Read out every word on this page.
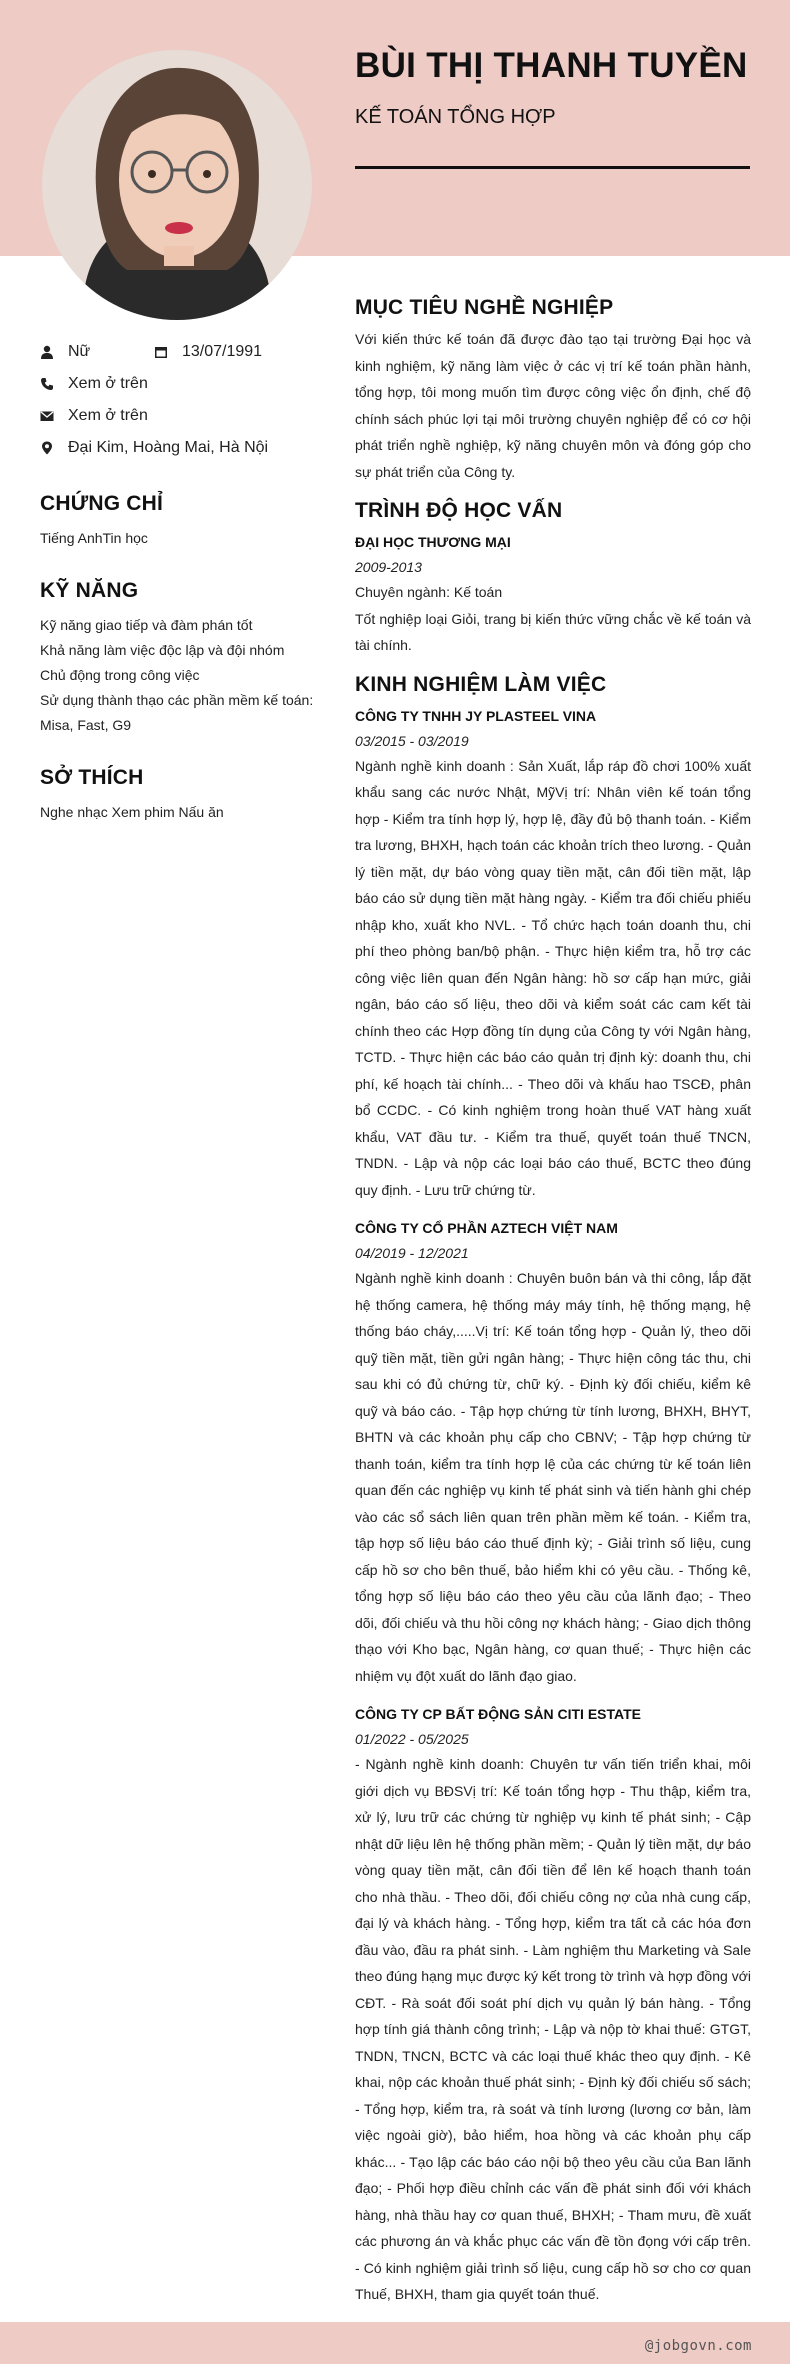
BÙI THỊ THANH TUYỀN
KẾ TOÁN TỔNG HỢP
Nữ	13/07/1991
Xem ở trên
Xem ở trên
Đại Kim, Hoàng Mai, Hà Nội
CHỨNG CHỈ

Tiếng AnhTin học

KỸ NĂNG

Kỹ năng giao tiếp và đàm phán tốt

Khả năng làm việc độc lập và đội nhóm

Chủ động trong công việc

Sử dụng thành thạo các phần mềm kế toán: Misa, Fast, G9

SỞ THÍCH

Nghe nhạc Xem phim Nấu ăn

MỤC TIÊU NGHỀ NGHIỆP

Với kiến thức kế toán đã được đào tạo tại trường Đại học và kinh nghiệm, kỹ năng làm việc ở các vị trí kế toán phần hành, tổng hợp, tôi mong muốn tìm được công việc ổn định, chế độ chính sách phúc lợi tại môi trường chuyên nghiệp để có cơ hội phát triển nghề nghiệp, kỹ năng chuyên môn và đóng góp cho sự phát triển của Công ty.

TRÌNH ĐỘ HỌC VẤN
ĐẠI HỌC THƯƠNG MẠI
2009-2013

Chuyên ngành: Kế toán

Tốt nghiệp loại Giỏi, trang bị kiến thức vững chắc về kế toán và tài chính.

KINH NGHIỆM LÀM VIỆC
CÔNG TY TNHH JY PLASTEEL VINA
03/2015 - 03/2019

Ngành nghề kinh doanh : Sản Xuất, lắp ráp đồ chơi 100% xuất khẩu sang các nước Nhật, MỹVị trí: Nhân viên kế toán tổng hợp - Kiểm tra tính hợp lý, hợp lệ, đầy đủ bộ thanh toán. - Kiểm tra lương, BHXH, hạch toán các khoản trích theo lương. - Quản lý tiền mặt, dự báo vòng quay tiền mặt, cân đối tiền mặt, lập báo cáo sử dụng tiền mặt hàng ngày. - Kiểm tra đối chiếu phiếu nhập kho, xuất kho NVL. - Tổ chức hạch toán doanh thu, chi phí theo phòng ban/bộ phận. - Thực hiện kiểm tra, hỗ trợ các công việc liên quan đến Ngân hàng: hồ sơ cấp hạn mức, giải ngân, báo cáo số liệu, theo dõi và kiểm soát các cam kết tài chính theo các Hợp đồng tín dụng của Công ty với Ngân hàng, TCTD. - Thực hiện các báo cáo quản trị định kỳ: doanh thu, chi phí, kế hoạch tài chính... - Theo dõi và khấu hao TSCĐ, phân bổ CCDC. - Có kinh nghiệm trong hoàn thuế VAT hàng xuất khẩu, VAT đầu tư. - Kiểm tra thuế, quyết toán thuế TNCN, TNDN. - Lập và nộp các loại báo cáo thuế, BCTC theo đúng quy định. - Lưu trữ chứng từ.

CÔNG TY CỔ PHẦN AZTECH VIỆT NAM
04/2019 - 12/2021

Ngành nghề kinh doanh : Chuyên buôn bán và thi công, lắp đặt hệ thống camera, hệ thống máy máy tính, hệ thống mạng, hệ thống báo cháy,.....Vị trí: Kế toán tổng hợp - Quản lý, theo dõi quỹ tiền mặt, tiền gửi ngân hàng; - Thực hiện công tác thu, chi sau khi có đủ chứng từ, chữ ký. - Định kỳ đối chiếu, kiểm kê quỹ và báo cáo. - Tập hợp chứng từ tính lương, BHXH, BHYT, BHTN và các khoản phụ cấp cho CBNV; - Tập hợp chứng từ thanh toán, kiểm tra tính hợp lệ của các chứng từ kế toán liên quan đến các nghiệp vụ kinh tế phát sinh và tiến hành ghi chép vào các sổ sách liên quan trên phần mềm kế toán. - Kiểm tra, tập hợp số liệu báo cáo thuế định kỳ; - Giải trình số liệu, cung cấp hồ sơ cho bên thuế, bảo hiểm khi có yêu cầu. - Thống kê, tổng hợp số liệu báo cáo theo yêu cầu của lãnh đạo; - Theo dõi, đối chiếu và thu hồi công nợ khách hàng; - Giao dịch thông thạo với Kho bạc, Ngân hàng, cơ quan thuế; - Thực hiện các nhiệm vụ đột xuất do lãnh đạo giao.

CÔNG TY CP BẤT ĐỘNG SẢN CITI ESTATE
01/2022 - 05/2025

- Ngành nghề kinh doanh: Chuyên tư vấn tiến triển khai, môi giới dịch vụ BĐSVị trí: Kế toán tổng hợp - Thu thập, kiểm tra, xử lý, lưu trữ các chứng từ nghiệp vụ kinh tế phát sinh; - Cập nhật dữ liệu lên hệ thống phần mềm; - Quản lý tiền mặt, dự báo vòng quay tiền mặt, cân đối tiền để lên kế hoạch thanh toán cho nhà thầu. - Theo dõi, đối chiếu công nợ của nhà cung cấp, đại lý và khách hàng. - Tổng hợp, kiểm tra tất cả các hóa đơn đầu vào, đầu ra phát sinh. - Làm nghiệm thu Marketing và Sale theo đúng hạng mục được ký kết trong tờ trình và hợp đồng với CĐT. - Rà soát đối soát phí dịch vụ quản lý bán hàng. - Tổng hợp tính giá thành công trình; - Lập và nộp tờ khai thuế: GTGT, TNDN, TNCN, BCTC và các loại thuế khác theo quy định. - Kê khai, nộp các khoản thuế phát sinh; - Định kỳ đối chiếu số sách; - Tổng hợp, kiểm tra, rà soát và tính lương (lương cơ bản, làm việc ngoài giờ), bảo hiểm, hoa hồng và các khoản phụ cấp khác... - Tạo lập các báo cáo nội bộ theo yêu cầu của Ban lãnh đạo; - Phối hợp điều chỉnh các vấn đề phát sinh đối với khách hàng, nhà thầu hay cơ quan thuế, BHXH; - Tham mưu, đề xuất các phương án và khắc phục các vấn đề tồn đọng với cấp trên. - Có kinh nghiệm giải trình số liệu, cung cấp hồ sơ cho cơ quan Thuế, BHXH, tham gia quyết toán thuế.

@jobgovn.com
